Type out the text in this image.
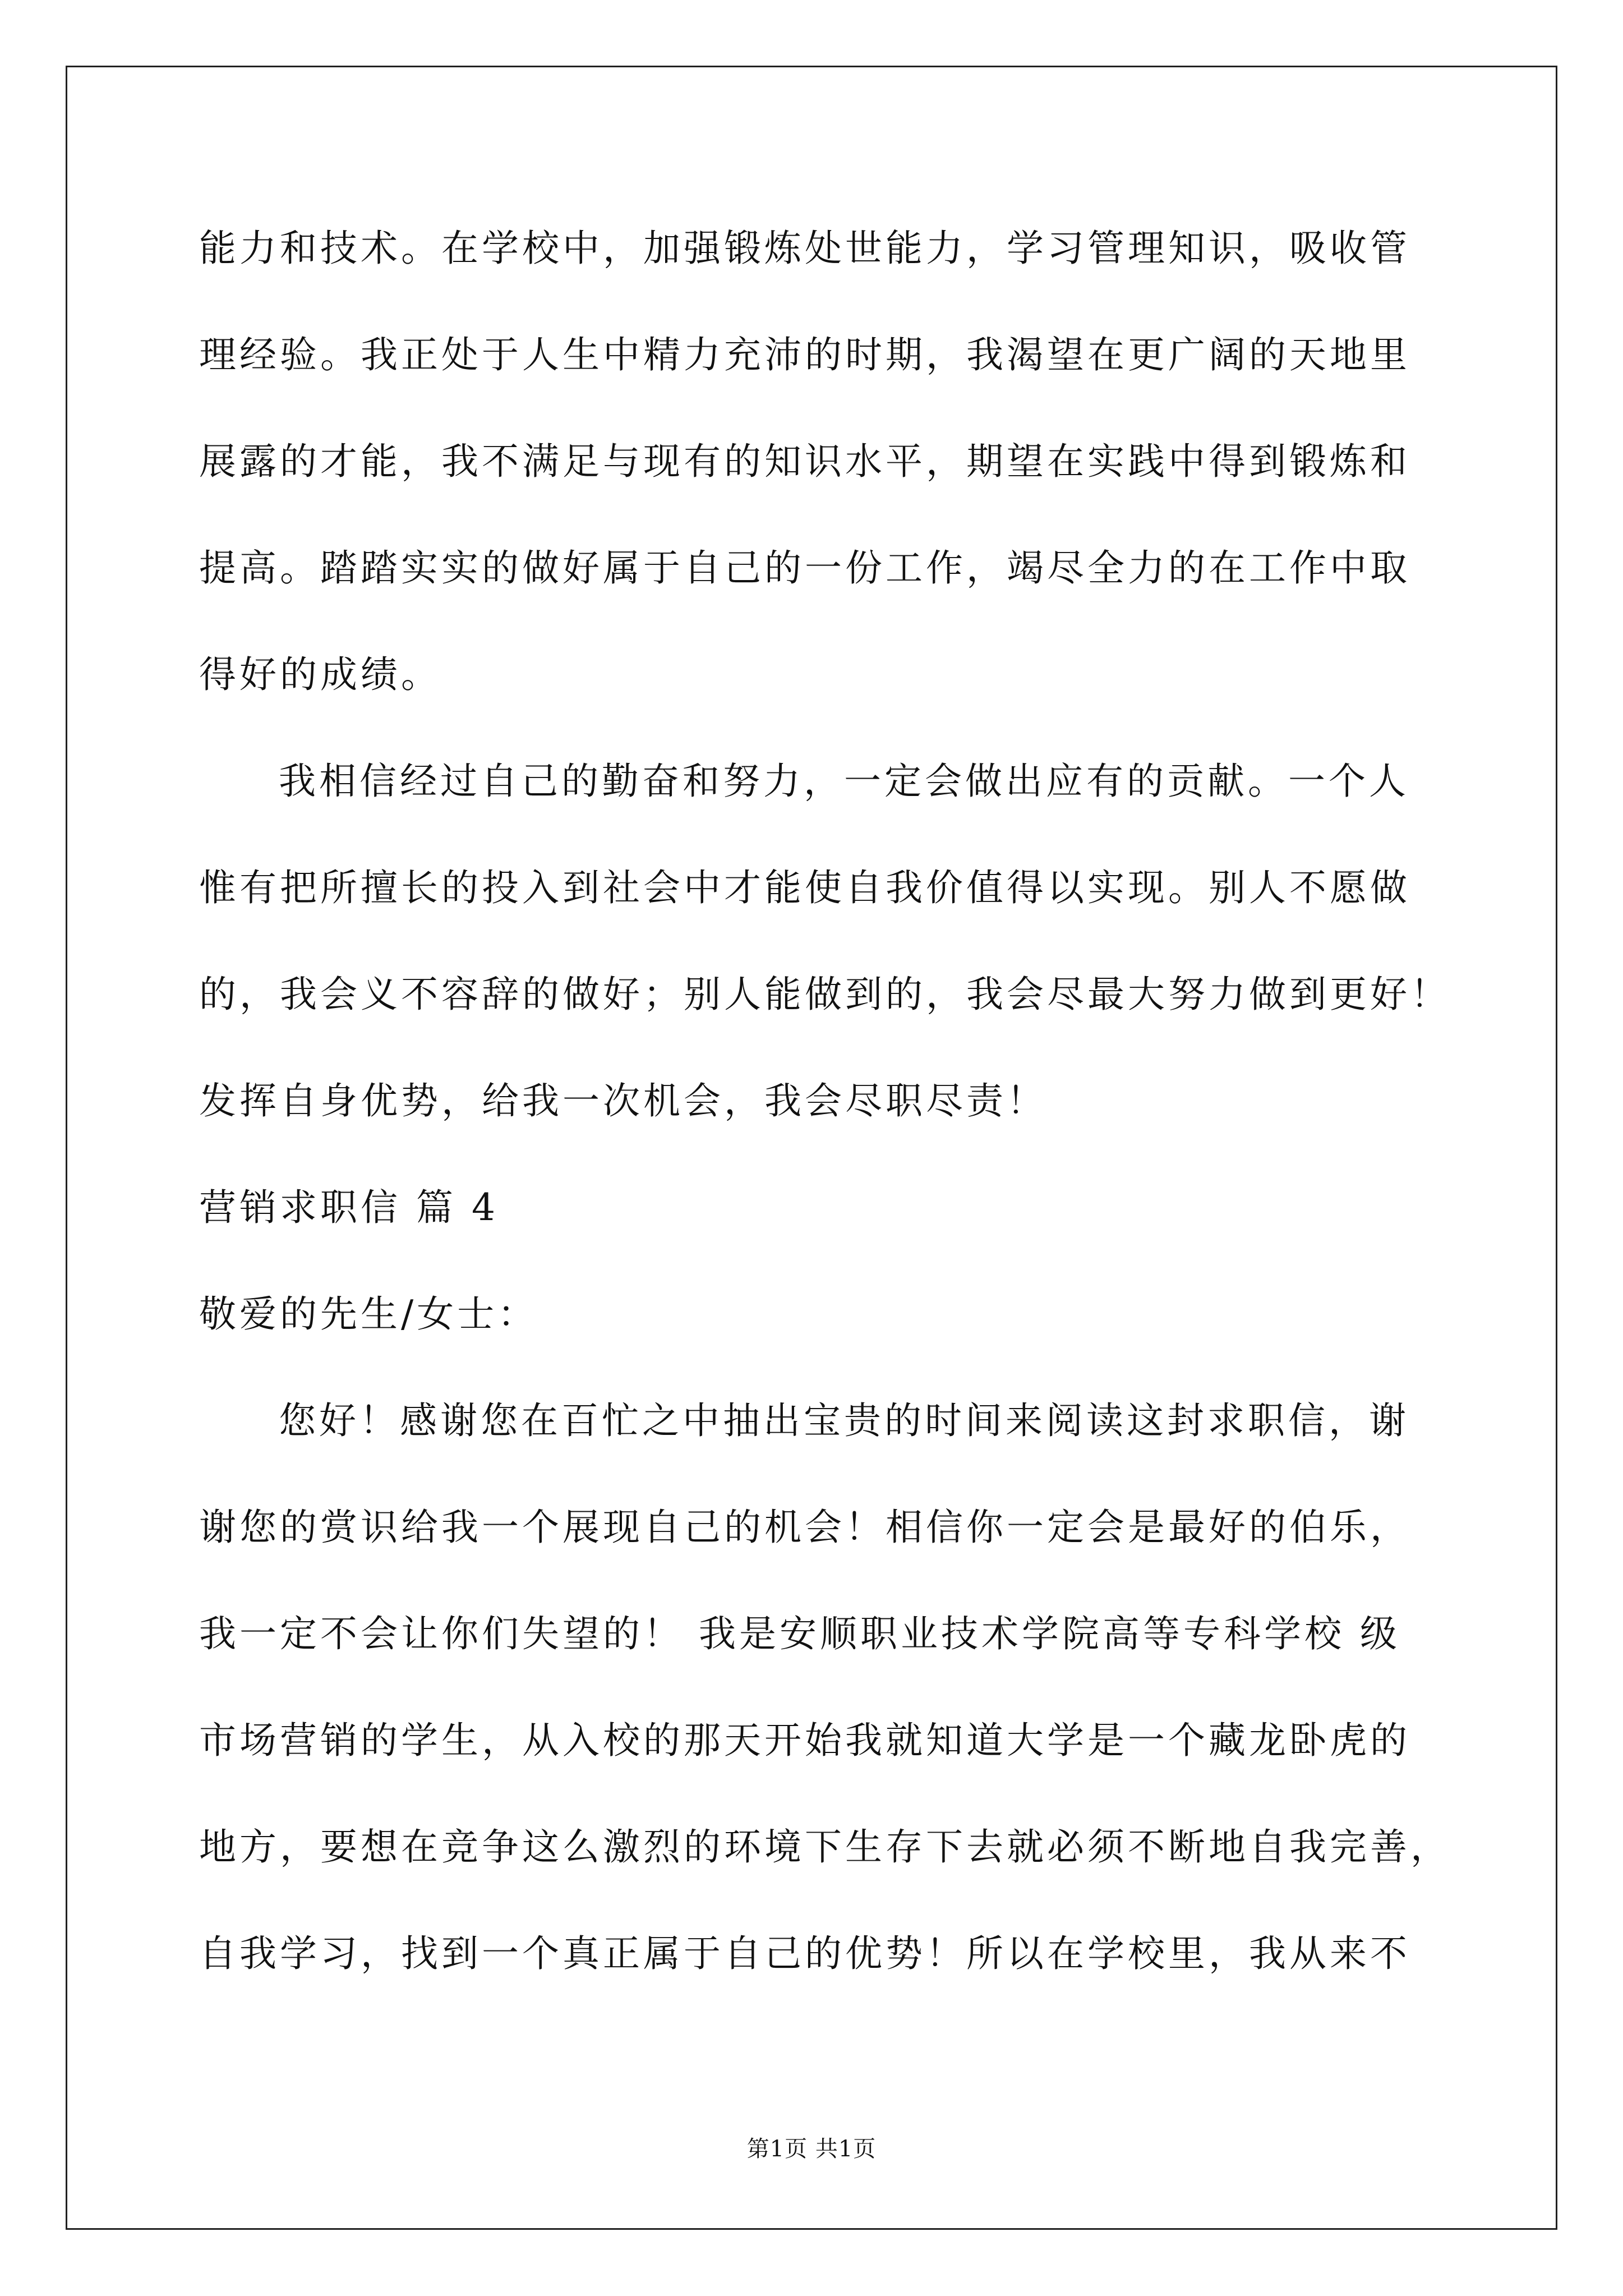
能力和技术。在学校中，加强锻炼处世能力，学习管理知识，吸收管
理经验。我正处于人生中精力充沛的时期，我渴望在更广阔的天地里
展露的才能，我不满足与现有的知识水平，期望在实践中得到锻炼和
提高。踏踏实实的做好属于自己的一份工作，竭尽全力的在工作中取
得好的成绩。
我相信经过自己的勤奋和努力，一定会做出应有的贡献。一个人
惟有把所擅长的投入到社会中才能使自我价值得以实现。别人不愿做
的，我会义不容辞的做好；别人能做到的，我会尽最大努力做到更好！
发挥自身优势，给我一次机会，我会尽职尽责！
营销求职信 篇 4
敬爱的先生/女士：
您好！感谢您在百忙之中抽出宝贵的时间来阅读这封求职信，谢
谢您的赏识给我一个展现自己的机会！相信你一定会是最好的伯乐，
我一定不会让你们失望的！ 我是安顺职业技术学院高等专科学校 级
市场营销的学生，从入校的那天开始我就知道大学是一个藏龙卧虎的
地方，要想在竞争这么激烈的环境下生存下去就必须不断地自我完善，
自我学习，找到一个真正属于自己的优势！所以在学校里，我从来不
第1页 共1页
